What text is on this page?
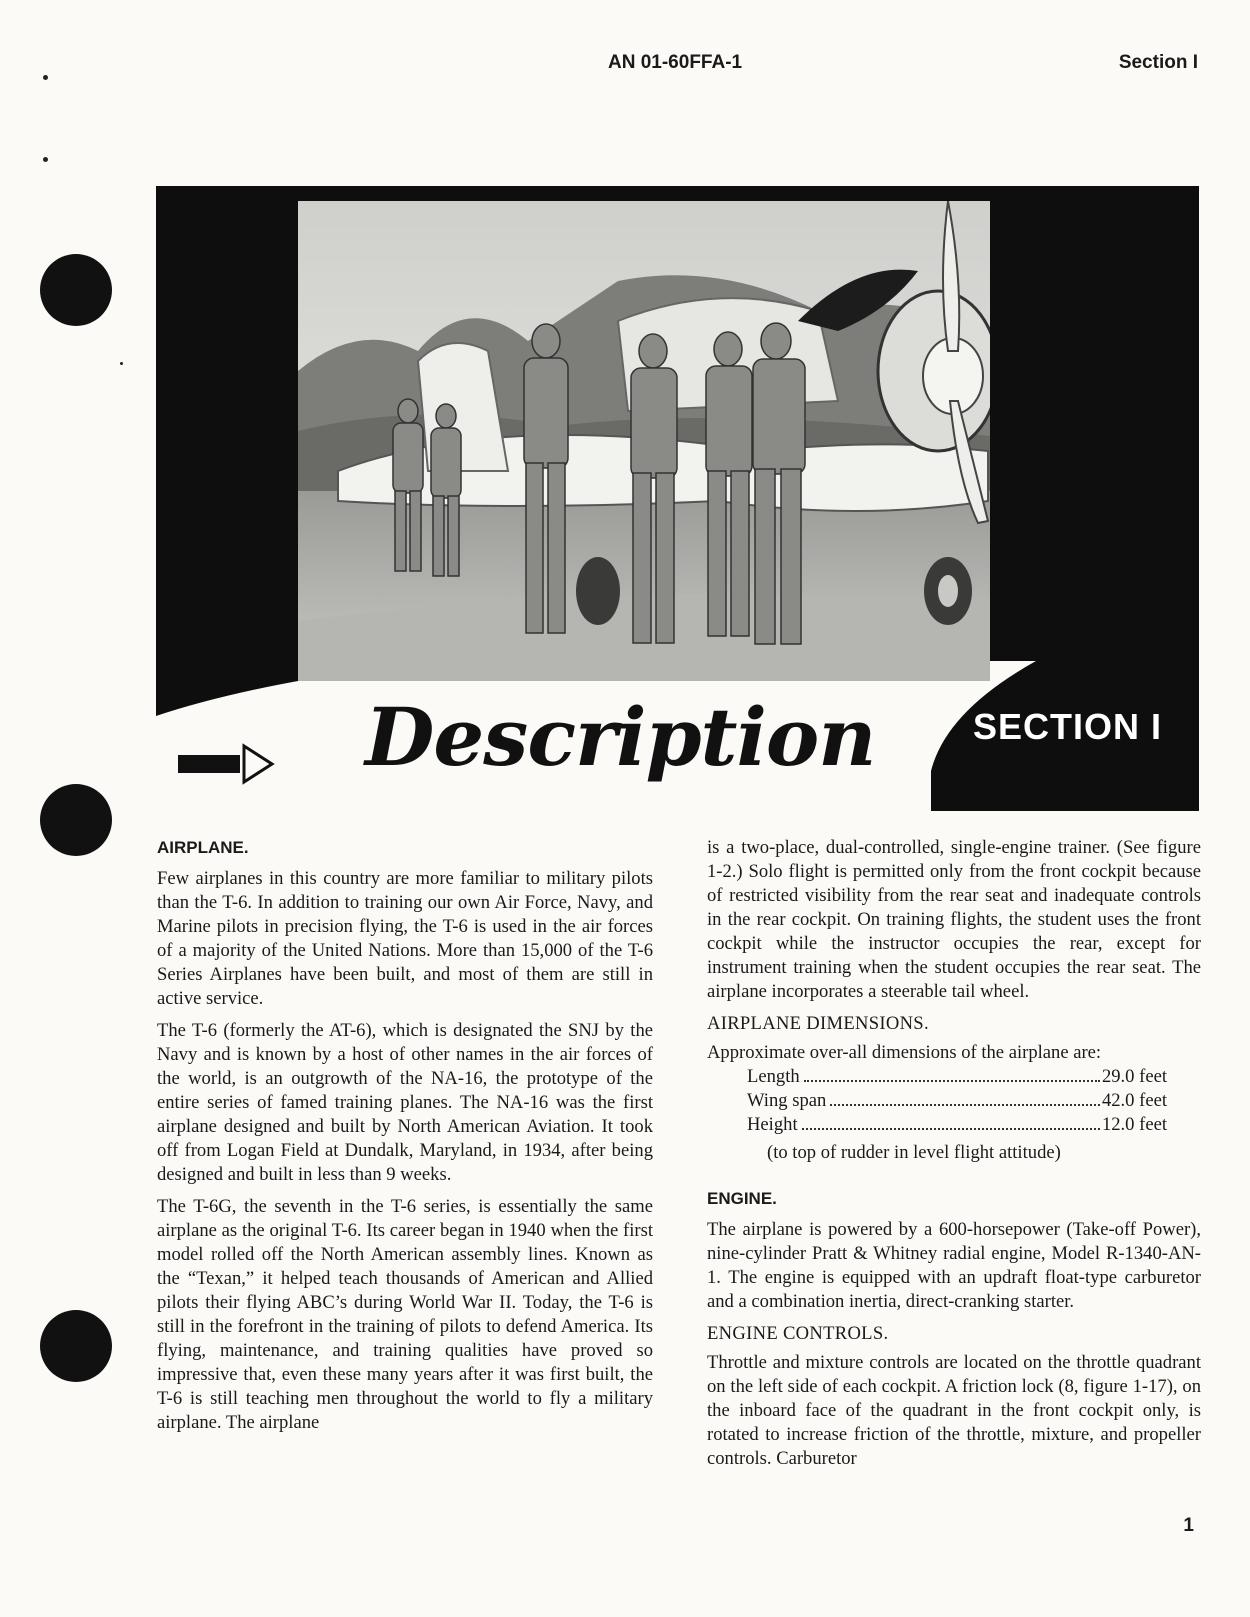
AN 01-60FFA-1	Section I
SECTION I
Description
AIRPLANE.

Few airplanes in this country are more familiar to military pilots than the T-6. In addition to training our own Air Force, Navy, and Marine pilots in precision flying, the T-6 is used in the air forces of a majority of the United Nations. More than 15,000 of the T-6 Series Airplanes have been built, and most of them are still in active service.

The T-6 (formerly the AT-6), which is designated the SNJ by the Navy and is known by a host of other names in the air forces of the world, is an outgrowth of the NA-16, the prototype of the entire series of famed training planes. The NA-16 was the first airplane designed and built by North American Aviation. It took off from Logan Field at Dundalk, Maryland, in 1934, after being designed and built in less than 9 weeks.

The T-6G, the seventh in the T-6 series, is essentially the same airplane as the original T-6. Its career began in 1940 when the first model rolled off the North American assembly lines. Known as the “Texan,” it helped teach thousands of American and Allied pilots their flying ABC’s during World War II. Today, the T-6 is still in the forefront in the training of pilots to defend America. Its flying, maintenance, and training qualities have proved so impressive that, even these many years after it was first built, the T-6 is still teaching men throughout the world to fly a military airplane. The airplane

is a two-place, dual-controlled, single-engine trainer. (See figure 1-2.) Solo flight is permitted only from the front cockpit because of restricted visibility from the rear seat and inadequate controls in the rear cockpit. On training flights, the student uses the front cockpit while the instructor occupies the rear, except for instrument training when the student occupies the rear seat. The airplane incorporates a steerable tail wheel.

AIRPLANE DIMENSIONS.
Approximate over-all dimensions of the airplane are:
Length	29.0 feet
Wing span	42.0 feet
Height	12.0 feet
(to top of rudder in level flight attitude)
ENGINE.

The airplane is powered by a 600-horsepower (Take-off Power), nine-cylinder Pratt & Whitney radial engine, Model R-1340-AN-1. The engine is equipped with an updraft float-type carburetor and a combination inertia, direct-cranking starter.

ENGINE CONTROLS.

Throttle and mixture controls are located on the throttle quadrant on the left side of each cockpit. A friction lock (8, figure 1-17), on the inboard face of the quadrant in the front cockpit only, is rotated to increase friction of the throttle, mixture, and propeller controls. Carburetor

1
